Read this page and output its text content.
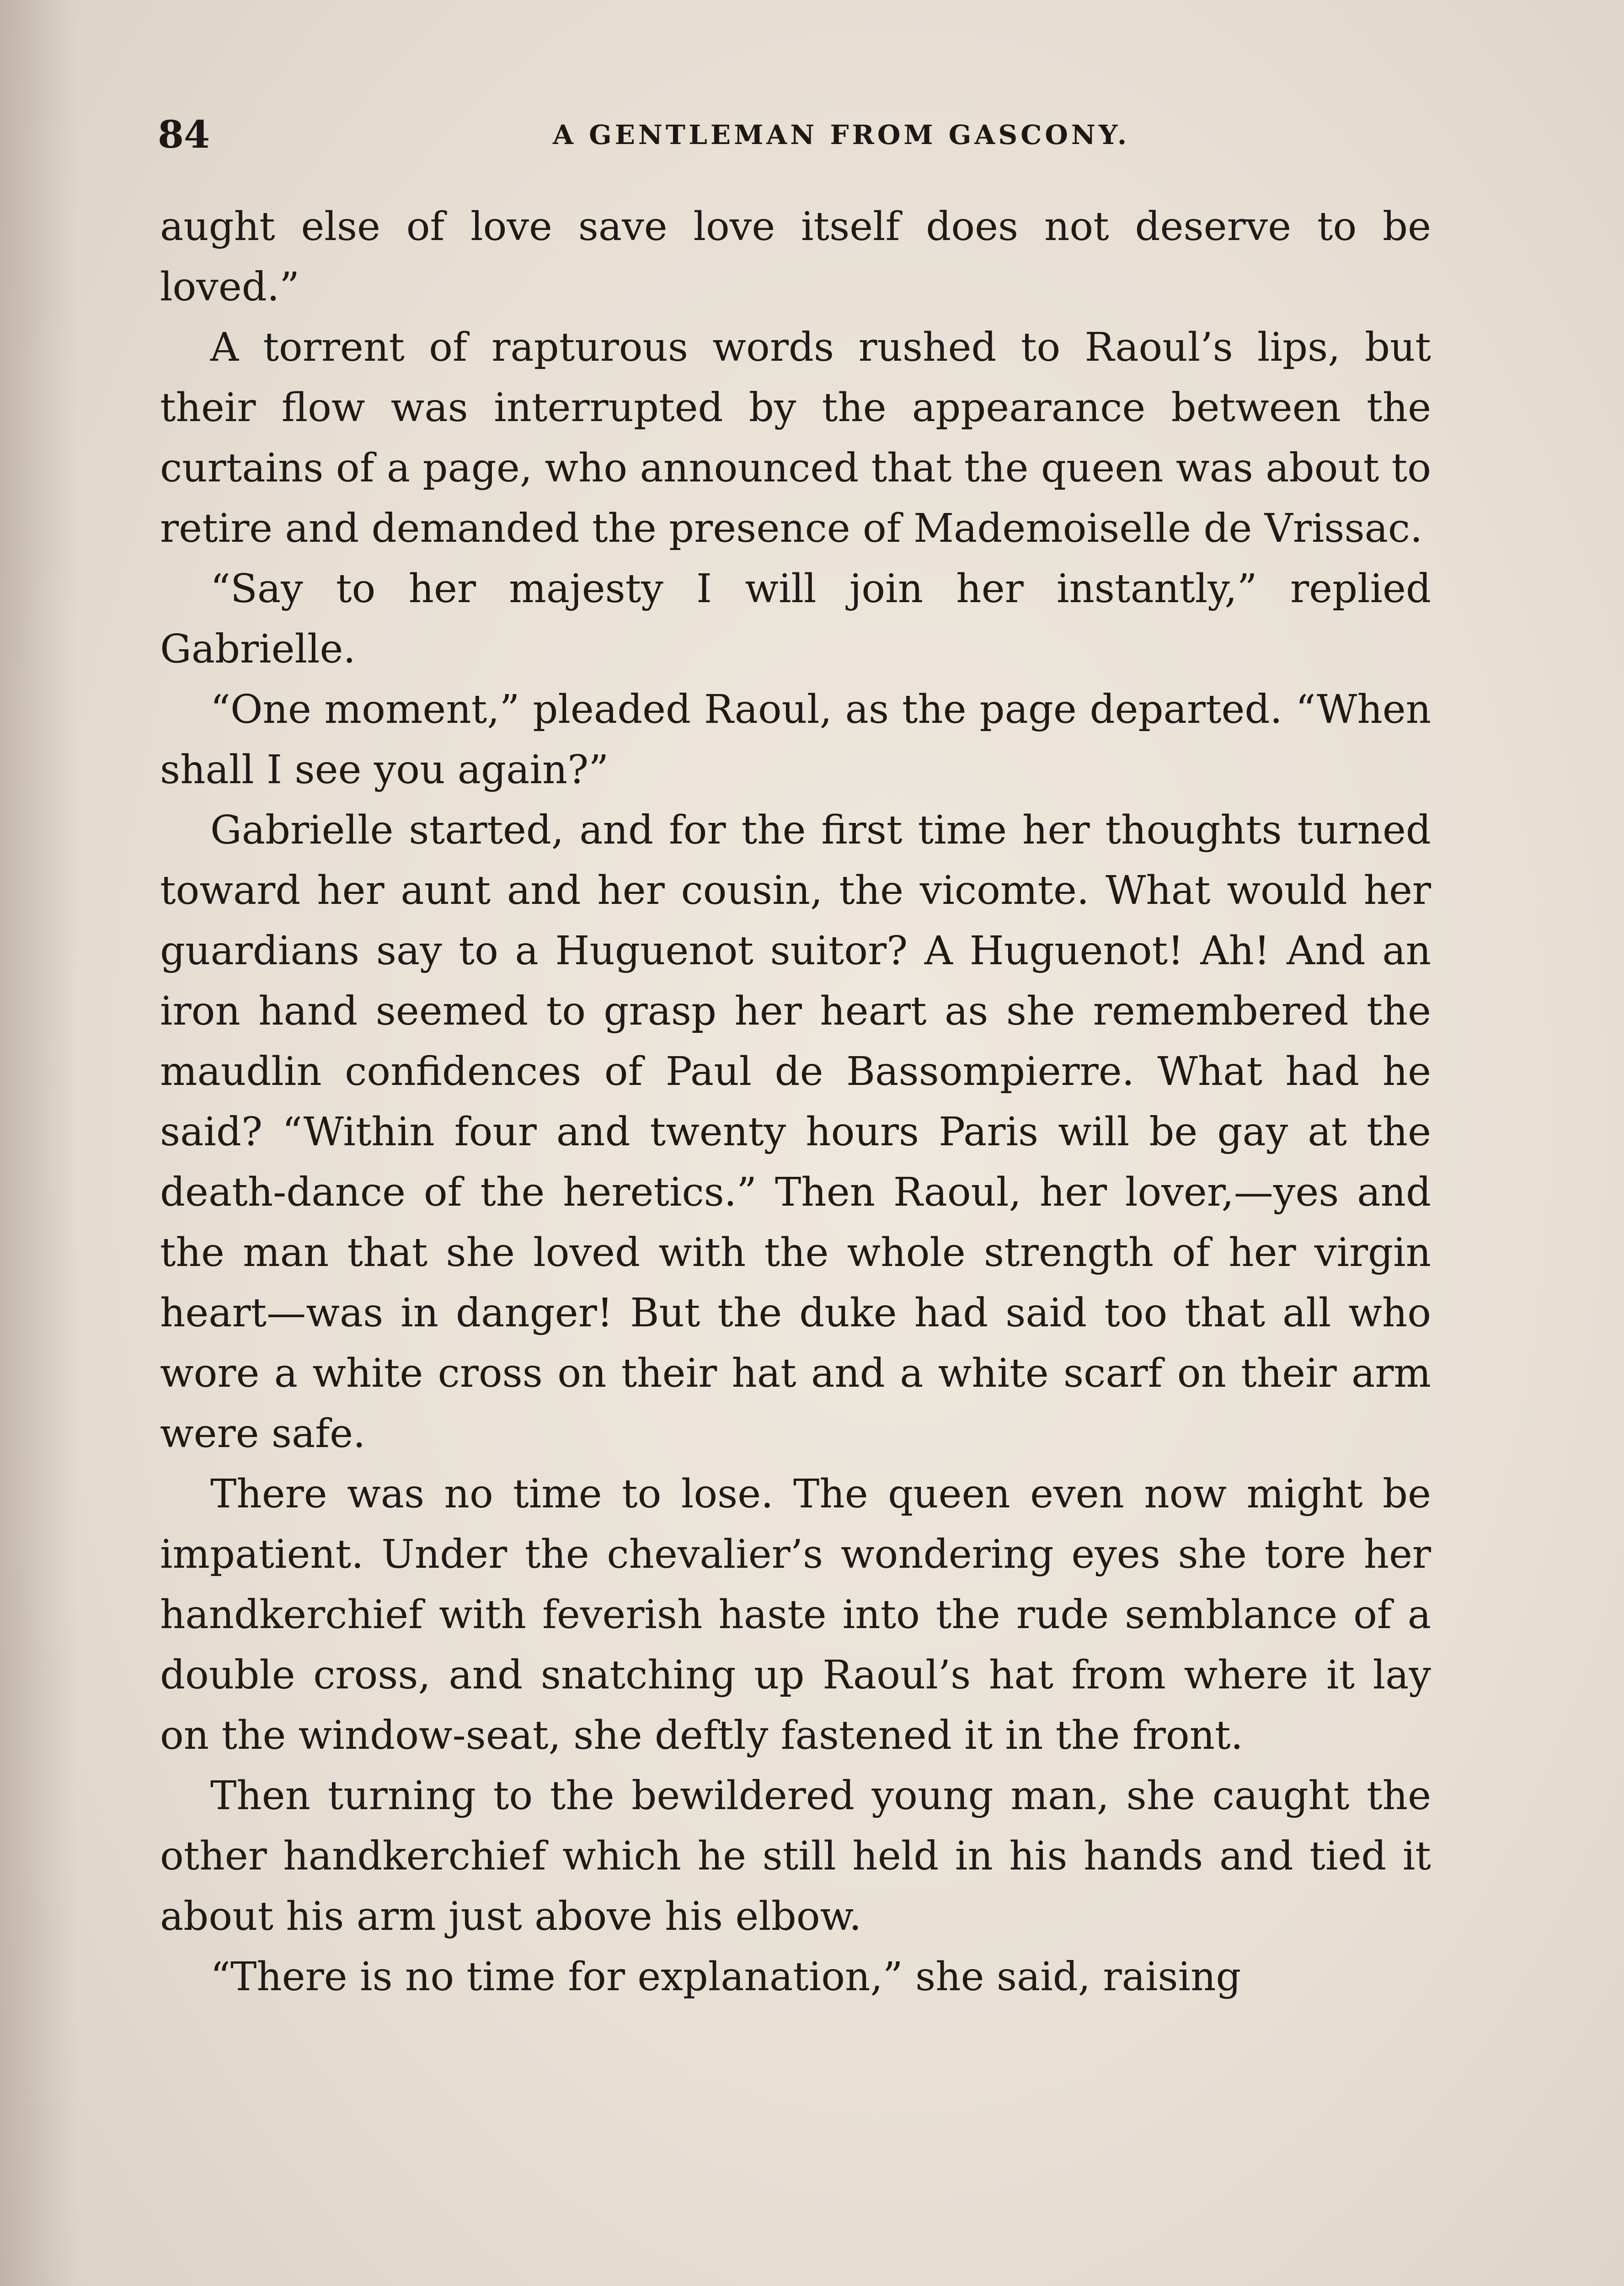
84	A GENTLEMAN FROM GASCONY.

aught else of love save love itself does not deserve to be loved.”

A torrent of rapturous words rushed to Raoul’s lips, but their flow was interrupted by the appearance between the curtains of a page, who announced that the queen was about to retire and demanded the presence of Mademoiselle de Vrissac.

“Say to her majesty I will join her instantly,” replied Gabrielle.

“One moment,” pleaded Raoul, as the page departed. “When shall I see you again?”

Gabrielle started, and for the first time her thoughts turned toward her aunt and her cousin, the vicomte. What would her guardians say to a Huguenot suitor? A Huguenot! Ah! And an iron hand seemed to grasp her heart as she remembered the maudlin confidences of Paul de Bassompierre. What had he said? “Within four and twenty hours Paris will be gay at the death-dance of the heretics.” Then Raoul, her lover,—yes and the man that she loved with the whole strength of her virgin heart—was in danger! But the duke had said too that all who wore a white cross on their hat and a white scarf on their arm were safe.

There was no time to lose. The queen even now might be impatient. Under the chevalier’s wondering eyes she tore her handkerchief with feverish haste into the rude semblance of a double cross, and snatching up Raoul’s hat from where it lay on the window-seat, she deftly fastened it in the front.

Then turning to the bewildered young man, she caught the other handkerchief which he still held in his hands and tied it about his arm just above his elbow.

“There is no time for explanation,” she said, raising
